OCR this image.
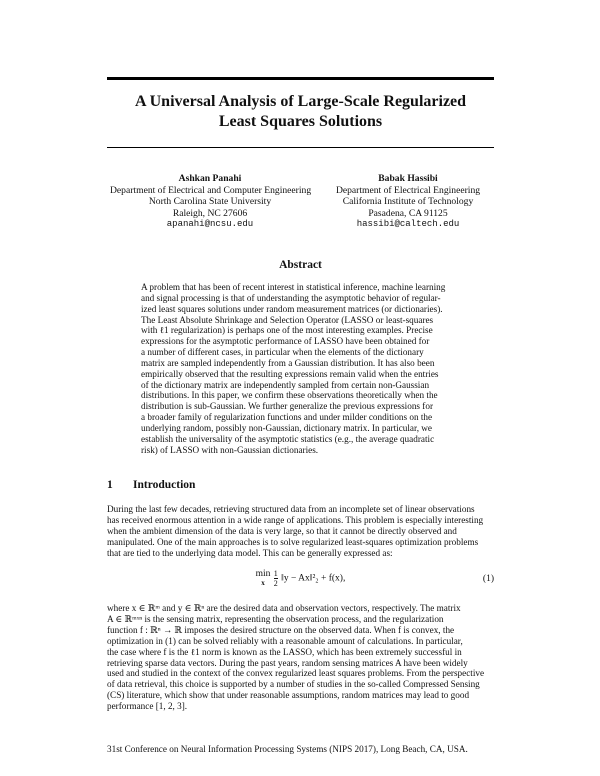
A Universal Analysis of Large-Scale Regularized
Least Squares Solutions
Ashkan Panahi
Department of Electrical and Computer Engineering
North Carolina State University
Raleigh, NC 27606
apanahi@ncsu.edu
Babak Hassibi
Department of Electrical Engineering
California Institute of Technology
Pasadena, CA 91125
hassibi@caltech.edu
Abstract
A problem that has been of recent interest in statistical inference, machine learning
and signal processing is that of understanding the asymptotic behavior of regular-
ized least squares solutions under random measurement matrices (or dictionaries).
The Least Absolute Shrinkage and Selection Operator (LASSO or least-squares
with ℓ1 regularization) is perhaps one of the most interesting examples. Precise
expressions for the asymptotic performance of LASSO have been obtained for
a number of different cases, in particular when the elements of the dictionary
matrix are sampled independently from a Gaussian distribution. It has also been
empirically observed that the resulting expressions remain valid when the entries
of the dictionary matrix are independently sampled from certain non-Gaussian
distributions. In this paper, we confirm these observations theoretically when the
distribution is sub-Gaussian. We further generalize the previous expressions for
a broader family of regularization functions and under milder conditions on the
underlying random, possibly non-Gaussian, dictionary matrix. In particular, we
establish the universality of the asymptotic statistics (e.g., the average quadratic
risk) of LASSO with non-Gaussian dictionaries.
1 Introduction
During the last few decades, retrieving structured data from an incomplete set of linear observations
has received enormous attention in a wide range of applications. This problem is especially interesting
when the ambient dimension of the data is very large, so that it cannot be directly observed and
manipulated. One of the main approaches is to solve regularized least-squares optimization problems
that are tied to the underlying data model. This can be generally expressed as:
min
x	$\frac{1}{2}$ ‖y − Ax‖²₂ + f(x),	(1)
where x ∈ ℝᵐ and y ∈ ℝⁿ are the desired data and observation vectors, respectively. The matrix
A ∈ ℝᵐˣⁿ is the sensing matrix, representing the observation process, and the regularization
function f : ℝⁿ → ℝ imposes the desired structure on the observed data. When f is convex, the
optimization in (1) can be solved reliably with a reasonable amount of calculations. In particular,
the case where f is the ℓ1 norm is known as the LASSO, which has been extremely successful in
retrieving sparse data vectors. During the past years, random sensing matrices A have been widely
used and studied in the context of the convex regularized least squares problems. From the perspective
of data retrieval, this choice is supported by a number of studies in the so-called Compressed Sensing
(CS) literature, which show that under reasonable assumptions, random matrices may lead to good
performance [1, 2, 3].
31st Conference on Neural Information Processing Systems (NIPS 2017), Long Beach, CA, USA.
